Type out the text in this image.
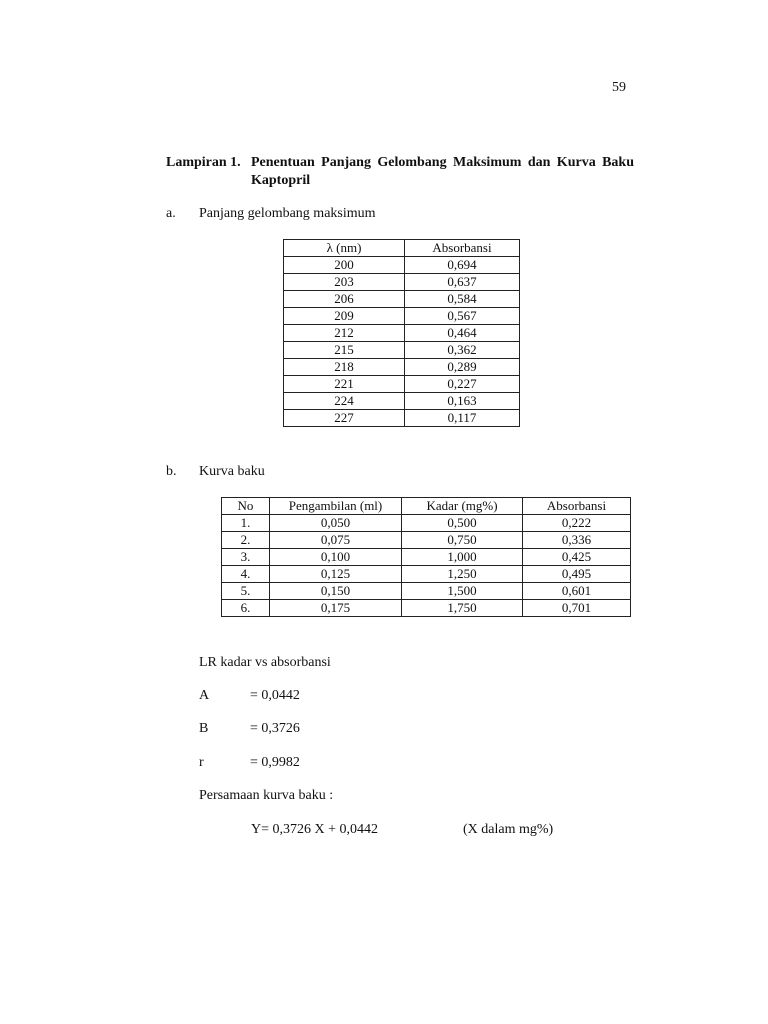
59
Lampiran 1. Penentuan Panjang Gelombang Maksimum dan Kurva Baku Kaptopril
a. Panjang gelombang maksimum
λ (nm)	Absorbansi
200	0,694
203	0,637
206	0,584
209	0,567
212	0,464
215	0,362
218	0,289
221	0,227
224	0,163
227	0,117
b. Kurva baku
No	Pengambilan (ml)	Kadar (mg%)	Absorbansi
1.	0,050	0,500	0,222
2.	0,075	0,750	0,336
3.	0,100	1,000	0,425
4.	0,125	1,250	0,495
5.	0,150	1,500	0,601
6.	0,175	1,750	0,701
LR kadar vs absorbansi
A	= 0,0442
B	= 0,3726
r	= 0,9982
Persamaan kurva baku :
Y= 0,3726 X + 0,0442	(X dalam mg%)
